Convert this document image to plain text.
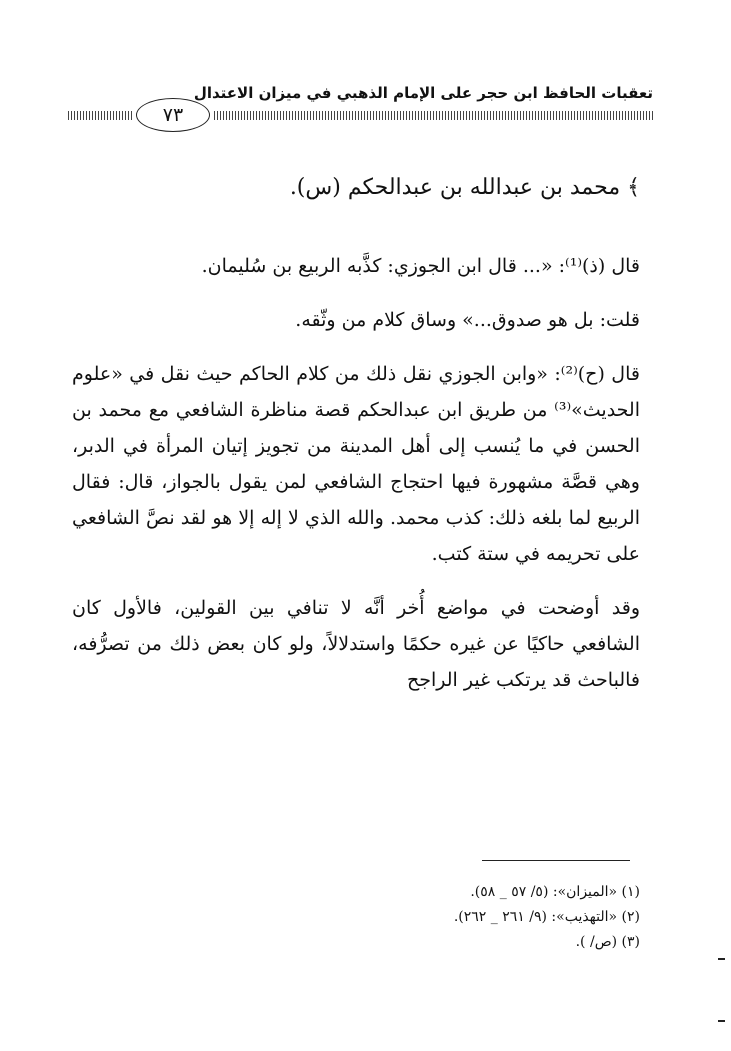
تعقبات الحافظ ابن حجر على الإمام الذهبي في ميزان الاعتدال
٧٣

﴾ محمد بن عبدالله بن عبدالحكم (س).

قال (ذ)⁽¹⁾: «... قال ابن الجوزي: كذَّبه الربيع بن سُليمان.

قلت: بل هو صدوق...» وساق كلام من وثّقه.

قال (ح)⁽²⁾: «وابن الجوزي نقل ذلك من كلام الحاكم حيث نقل في «علوم الحديث»⁽³⁾ من طريق ابن عبدالحكم قصة مناظرة الشافعي مع محمد بن الحسن في ما يُنسب إلى أهل المدينة من تجويز إتيان المرأة في الدبر، وهي قصَّة مشهورة فيها احتجاج الشافعي لمن يقول بالجواز، قال: فقال الربيع لما بلغه ذلك: كذب محمد. والله الذي لا إله إلا هو لقد نصَّ الشافعي على تحريمه في ستة كتب.

وقد أوضحت في مواضع أُخر أنَّه لا تنافي بين القولين، فالأول كان الشافعي حاكيًا عن غيره حكمًا واستدلالاً، ولو كان بعض ذلك من تصرُّفه، فالباحث قد يرتكب غير الراجح

(١) «الميزان»: (٥/ ٥٧ _ ٥٨).
(٢) «التهذيب»: (٩/ ٢٦١ _ ٢٦٢).
(٣) (ص/ ).
